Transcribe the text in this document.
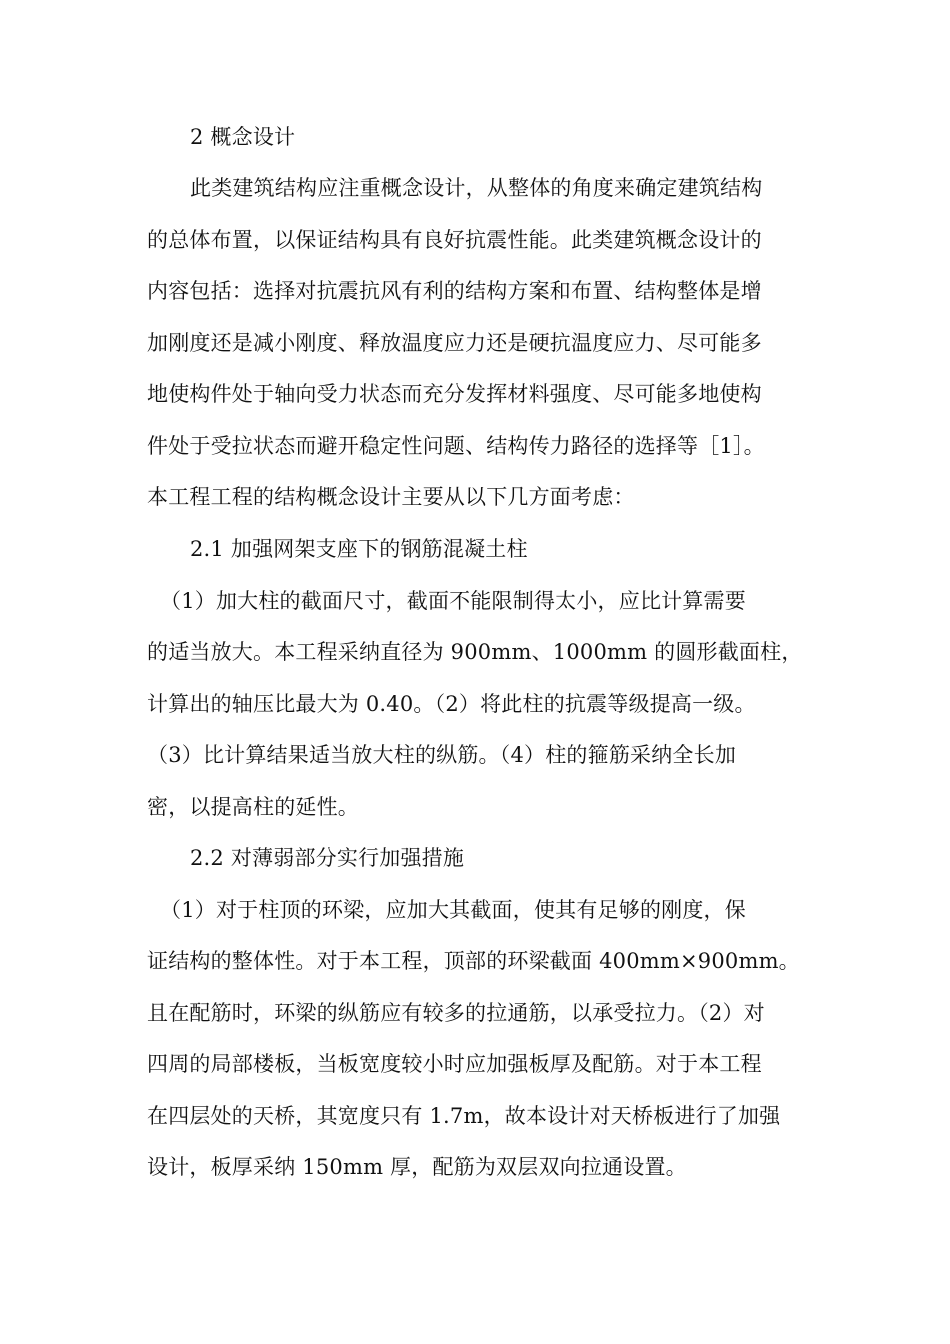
2 概念设计
此类建筑结构应注重概念设计，从整体的角度来确定建筑结构
的总体布置，以保证结构具有良好抗震性能。此类建筑概念设计的
内容包括：选择对抗震抗风有利的结构方案和布置、结构整体是增
加刚度还是减小刚度、释放温度应力还是硬抗温度应力、尽可能多
地使构件处于轴向受力状态而充分发挥材料强度、尽可能多地使构
件处于受拉状态而避开稳定性问题、结构传力路径的选择等［1］。
本工程工程的结构概念设计主要从以下几方面考虑：
2.1 加强网架支座下的钢筋混凝土柱
（1）加大柱的截面尺寸，截面不能限制得太小，应比计算需要
的适当放大。本工程采纳直径为 900mm、1000mm 的圆形截面柱，
计算出的轴压比最大为 0.40。（2）将此柱的抗震等级提高一级。
（3）比计算结果适当放大柱的纵筋。（4）柱的箍筋采纳全长加
密，以提高柱的延性。
2.2 对薄弱部分实行加强措施
（1）对于柱顶的环梁，应加大其截面，使其有足够的刚度，保
证结构的整体性。对于本工程，顶部的环梁截面 400mm×900mm。
且在配筋时，环梁的纵筋应有较多的拉通筋，以承受拉力。（2）对
四周的局部楼板，当板宽度较小时应加强板厚及配筋。对于本工程
在四层处的天桥，其宽度只有 1.7m，故本设计对天桥板进行了加强
设计，板厚采纳 150mm 厚，配筋为双层双向拉通设置。
